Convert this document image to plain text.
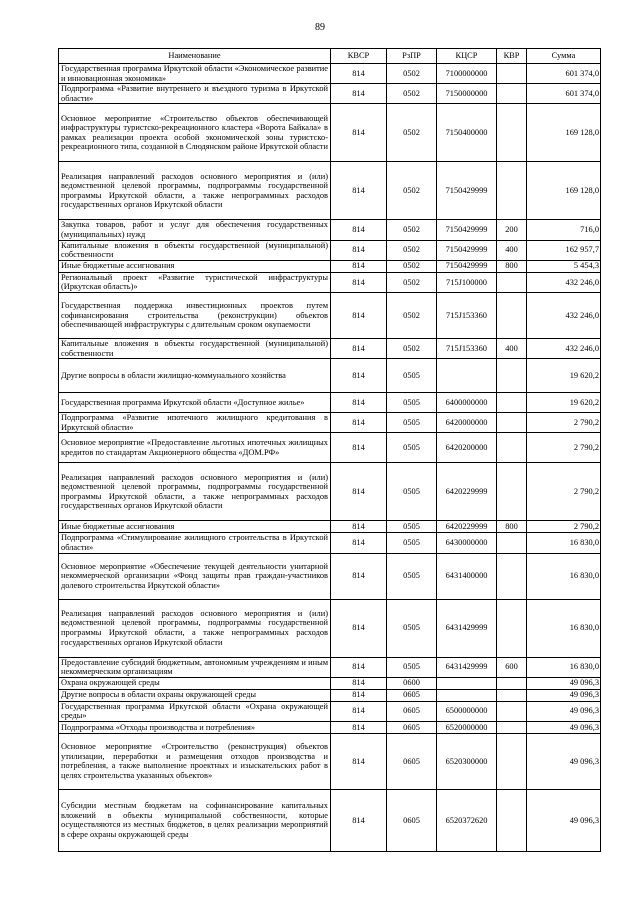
89
Наименование	КВСР	РзПР	КЦСР	КВР	Сумма
Государственная программа Иркутской области «Экономическое развитие и инновационная экономика»	814	0502	7100000000		601 374,0
Подпрограмма «Развитие внутреннего и въездного туризма в Иркутской области»	814	0502	7150000000		601 374,0
Основное мероприятие «Строительство объектов обеспечивающей инфраструктуры туристско-рекреационного кластера «Ворота Байкала» в рамках реализации проекта особой экономической зоны туристско-рекреационного типа, созданной в Слюдянском районе Иркутской области	814	0502	7150400000		169 128,0
Реализация направлений расходов основного мероприятия и (или) ведомственной целевой программы, подпрограммы государственной программы Иркутской области, а также непрограммных расходов государственных органов Иркутской области	814	0502	7150429999		169 128,0
Закупка товаров, работ и услуг для обеспечения государственных (муниципальных) нужд	814	0502	7150429999	200	716,0
Капитальные вложения в объекты государственной (муниципальной) собственности	814	0502	7150429999	400	162 957,7
Иные бюджетные ассигнования	814	0502	7150429999	800	5 454,3
Региональный проект «Развитие туристической инфраструктуры (Иркутская область)»	814	0502	715J100000		432 246,0
Государственная поддержка инвестиционных проектов путем софинансирования строительства (реконструкции) объектов обеспечивающей инфраструктуры с длительным сроком окупаемости	814	0502	715J153360		432 246,0
Капитальные вложения в объекты государственной (муниципальной) собственности	814	0502	715J153360	400	432 246,0
Другие вопросы в области жилищно-коммунального хозяйства	814	0505			19 620,2
Государственная программа Иркутской области «Доступное жилье»	814	0505	6400000000		19 620,2
Подпрограмма «Развитие ипотечного жилищного кредитования в Иркутской области»	814	0505	6420000000		2 790,2
Основное мероприятие «Предоставление льготных ипотечных жилищных кредитов по стандартам Акционерного общества «ДОМ.РФ»	814	0505	6420200000		2 790,2
Реализация направлений расходов основного мероприятия и (или) ведомственной целевой программы, подпрограммы государственной программы Иркутской области, а также непрограммных расходов государственных органов Иркутской области	814	0505	6420229999		2 790,2
Иные бюджетные ассигнования	814	0505	6420229999	800	2 790,2
Подпрограмма «Стимулирование жилищного строительства в Иркутской области»	814	0505	6430000000		16 830,0
Основное мероприятие «Обеспечение текущей деятельности унитарной некоммерческой организации «Фонд защиты прав граждан-участников долевого строительства Иркутской области»	814	0505	6431400000		16 830,0
Реализация направлений расходов основного мероприятия и (или) ведомственной целевой программы, подпрограммы государственной программы Иркутской области, а также непрограммных расходов государственных органов Иркутской области	814	0505	6431429999		16 830,0
Предоставление субсидий бюджетным, автономным учреждениям и иным некоммерческим организациям	814	0505	6431429999	600	16 830,0
Охрана окружающей среды	814	0600			49 096,3
Другие вопросы в области охраны окружающей среды	814	0605			49 096,3
Государственная программа Иркутской области «Охрана окружающей среды»	814	0605	6500000000		49 096,3
Подпрограмма «Отходы производства и потребления»	814	0605	6520000000		49 096,3
Основное мероприятие «Строительство (реконструкция) объектов утилизации, переработки и размещения отходов производства и потребления, а также выполнение проектных и изыскательских работ в целях строительства указанных объектов»	814	0605	6520300000		49 096,3
Субсидии местным бюджетам на софинансирование капитальных вложений в объекты муниципальной собственности, которые осуществляются из местных бюджетов, в целях реализации мероприятий в сфере охраны окружающей среды	814	0605	6520372620		49 096,3
